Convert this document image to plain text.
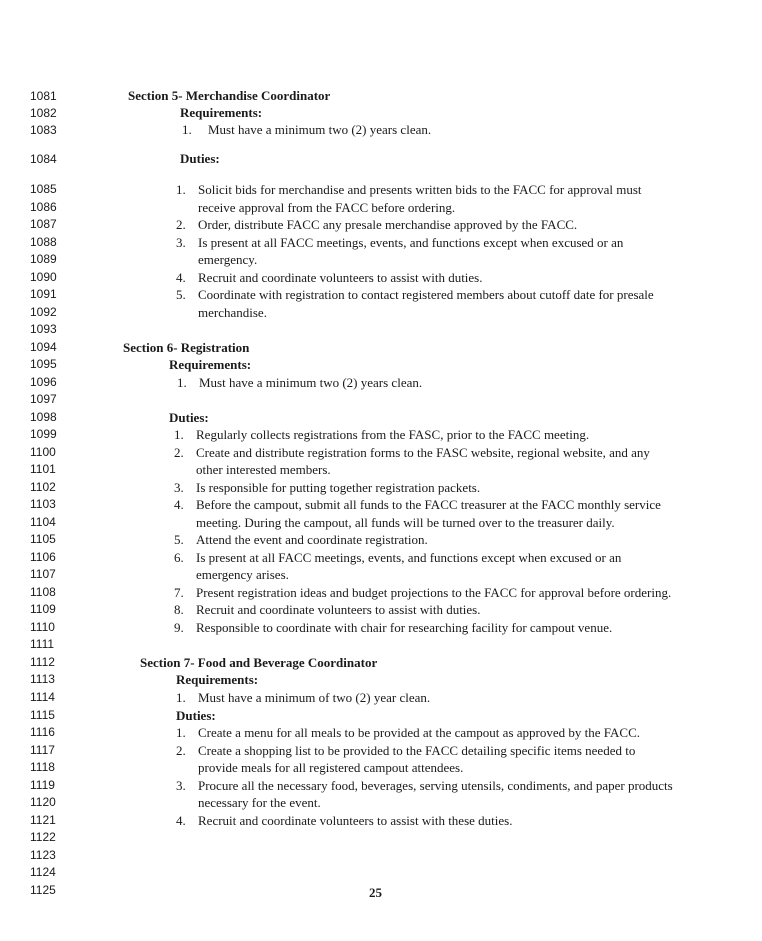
1081
1082
1083
1084
1085
1086
1087
1088
1089
1090
1091
1092
1093
1094
1095
1096
1097
1098
1099
1100
1101
1102
1103
1104
1105
1106
1107
1108
1109
1110
1111
1112
1113
1114
1115
1116
1117
1118
1119
1120
1121
1122
1123
1124
1125
Section 5- Merchandise Coordinator
Requirements:
1. Must have a minimum two (2) years clean.
Duties:
1. Solicit bids for merchandise and presents written bids to the FACC for approval must
receive approval from the FACC before ordering.
2. Order, distribute FACC any presale merchandise approved by the FACC.
3. Is present at all FACC meetings, events, and functions except when excused or an
emergency.
4. Recruit and coordinate volunteers to assist with duties.
5. Coordinate with registration to contact registered members about cutoff date for presale
merchandise.
Section 6- Registration
Requirements:
1. Must have a minimum two (2) years clean.
Duties:
1. Regularly collects registrations from the FASC, prior to the FACC meeting.
2. Create and distribute registration forms to the FASC website, regional website, and any
other interested members.
3. Is responsible for putting together registration packets.
4. Before the campout, submit all funds to the FACC treasurer at the FACC monthly service
meeting. During the campout, all funds will be turned over to the treasurer daily.
5. Attend the event and coordinate registration.
6. Is present at all FACC meetings, events, and functions except when excused or an
emergency arises.
7. Present registration ideas and budget projections to the FACC for approval before ordering.
8. Recruit and coordinate volunteers to assist with duties.
9. Responsible to coordinate with chair for researching facility for campout venue.
Section 7- Food and Beverage Coordinator
Requirements:
1. Must have a minimum of two (2) year clean.
Duties:
1. Create a menu for all meals to be provided at the campout as approved by the FACC.
2. Create a shopping list to be provided to the FACC detailing specific items needed to
provide meals for all registered campout attendees.
3. Procure all the necessary food, beverages, serving utensils, condiments, and paper products
necessary for the event.
4. Recruit and coordinate volunteers to assist with these duties.
25
